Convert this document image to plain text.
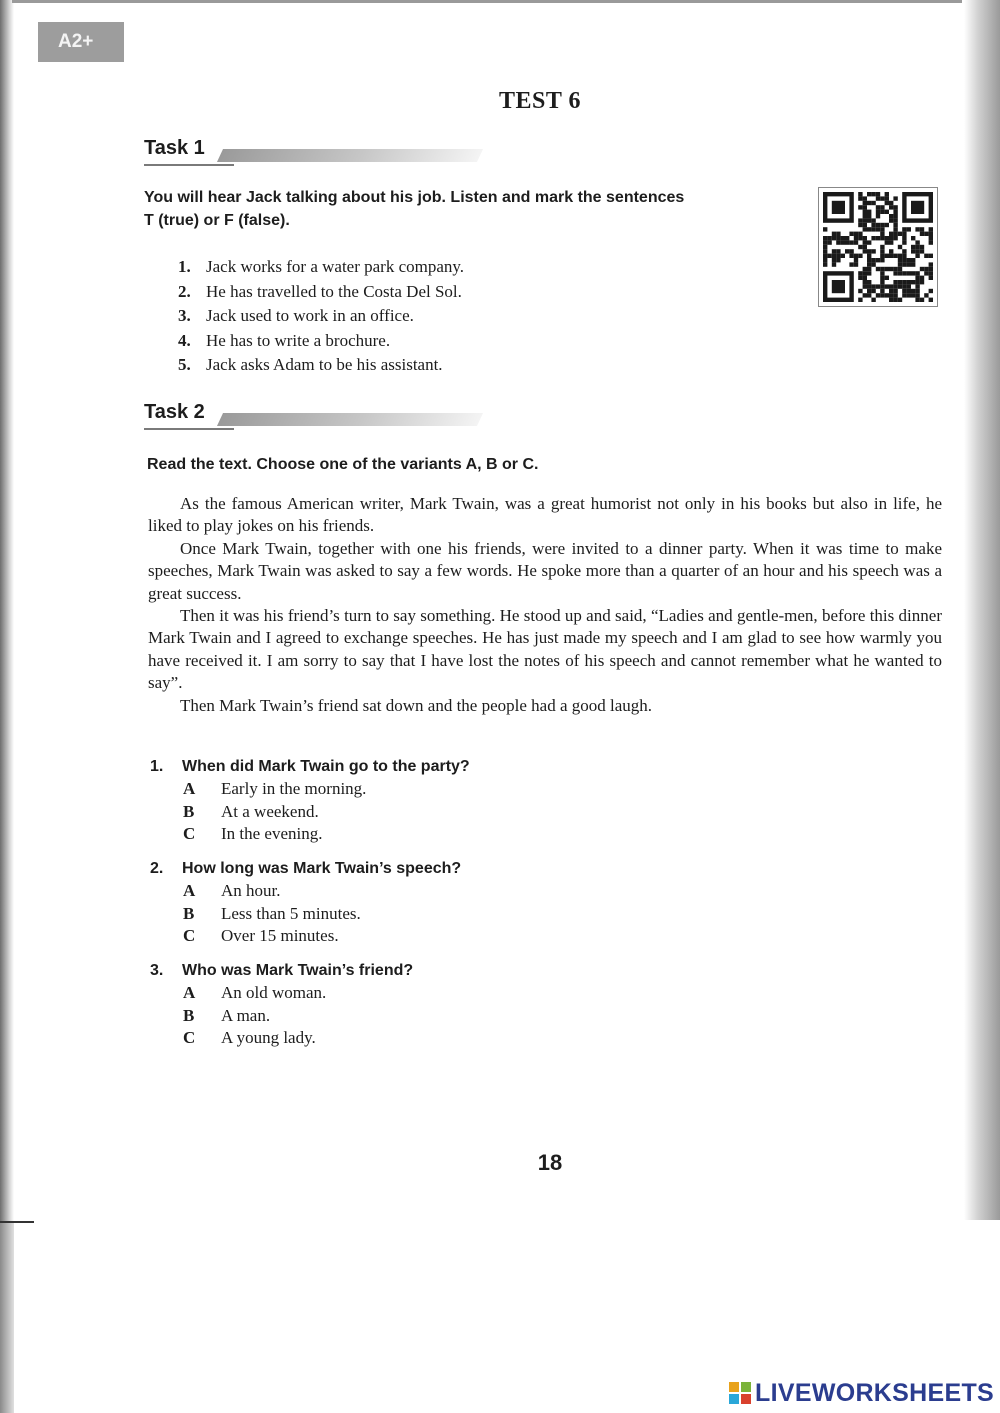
A2+
TEST 6
Task 1
You will hear Jack talking about his job. Listen and mark the sentences
T (true) or F (false).
1. Jack works for a water park company.
2. He has travelled to the Costa Del Sol.
3. Jack used to work in an office.
4. He has to write a brochure.
5. Jack asks Adam to be his assistant.
Task 2
Read the text. Choose one of the variants A, B or C.

As the famous American writer, Mark Twain, was a great humorist not only in his books but also in life, he liked to play jokes on his friends.

Once Mark Twain, together with one his friends, were invited to a dinner party. When it was time to make speeches, Mark Twain was asked to say a few words. He spoke more than a quarter of an hour and his speech was a great success.

Then it was his friend’s turn to say something. He stood up and said, “Ladies and gentle-men, before this dinner Mark Twain and I agreed to exchange speeches. He has just made my speech and I am glad to see how warmly you have received it. I am sorry to say that I have lost the notes of his speech and cannot remember what he wanted to say”.

Then Mark Twain’s friend sat down and the people had a good laugh.

1. When did Mark Twain go to the party?
A Early in the morning.
B At a weekend.
C In the evening.
2. How long was Mark Twain’s speech?
A An hour.
B Less than 5 minutes.
C Over 15 minutes.
3. Who was Mark Twain’s friend?
A An old woman.
B A man.
C A young lady.
18
LIVEWORKSHEETS
